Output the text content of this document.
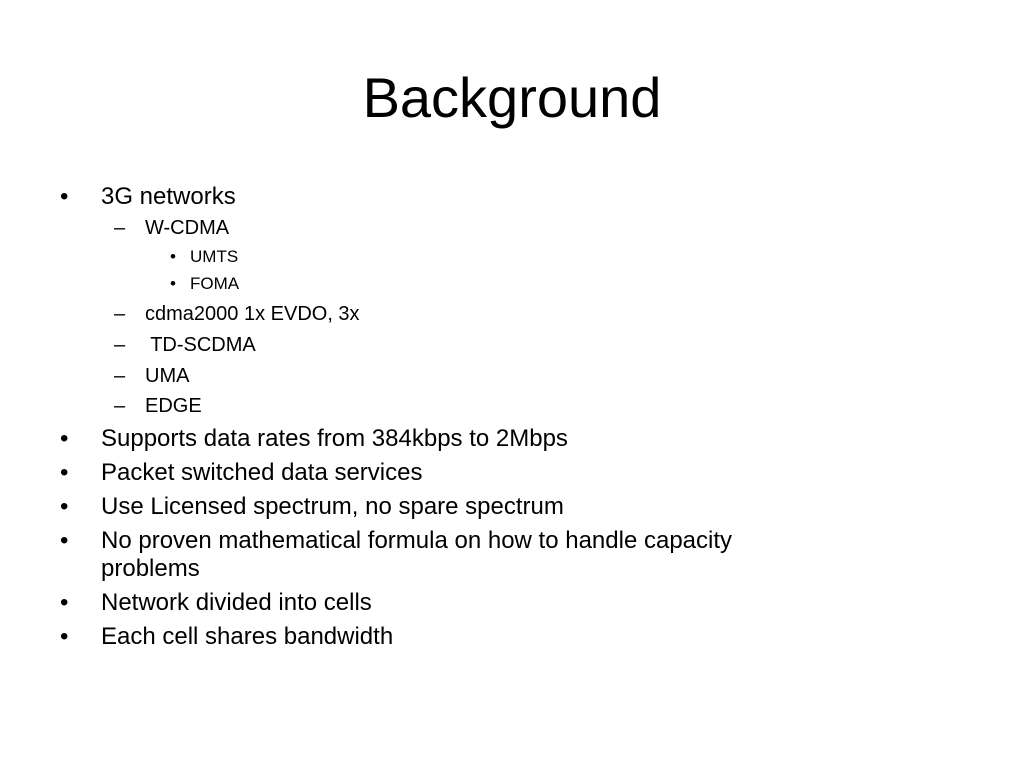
Background
• 3G networks
– W-CDMA
• UMTS
• FOMA
– cdma2000 1x EVDO, 3x
– TD-SCDMA
– UMA
– EDGE
• Supports data rates from 384kbps to 2Mbps
• Packet switched data services
• Use Licensed spectrum, no spare spectrum
• No proven mathematical formula on how to handle capacity
problems
• Network divided into cells
• Each cell shares bandwidth
